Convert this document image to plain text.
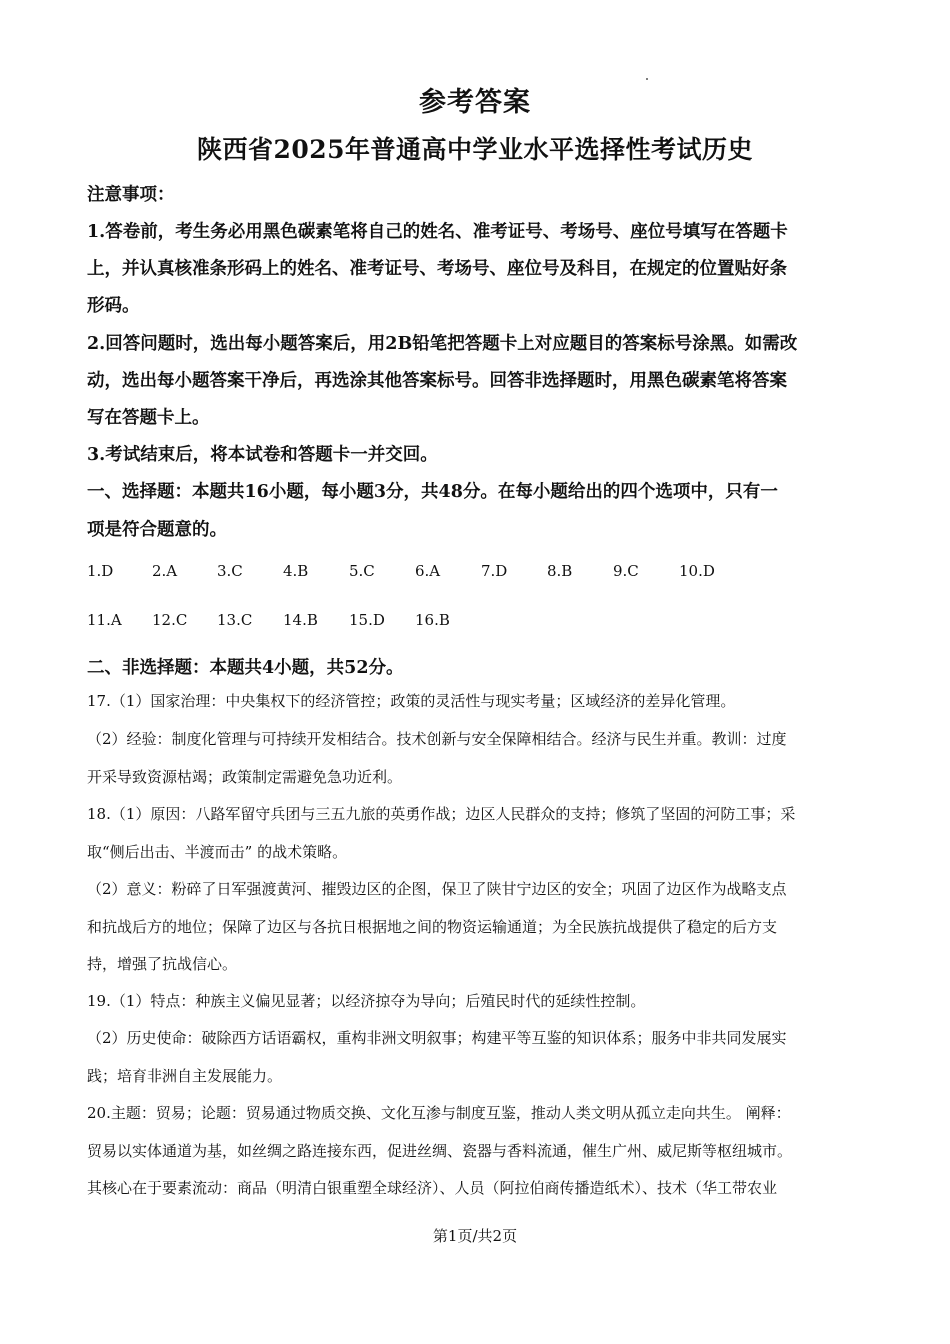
参考答案
陕西省2025年普通高中学业水平选择性考试历史
注意事项：
1.答卷前，考生务必用黑色碳素笔将自己的姓名、准考证号、考场号、座位号填写在答题卡
上，并认真核准条形码上的姓名、准考证号、考场号、座位号及科目，在规定的位置贴好条
形码。
2.回答问题时，选出每小题答案后，用2B铅笔把答题卡上对应题目的答案标号涂黑。如需改
动，选出每小题答案干净后，再选涂其他答案标号。回答非选择题时，用黑色碳素笔将答案
写在答题卡上。
3.考试结束后，将本试卷和答题卡一并交回。
一、选择题：本题共16小题，每小题3分，共48分。在每小题给出的四个选项中，只有一
项是符合题意的。
1.D	2.A	3.C	4.B	5.C	6.A	7.D	8.B	9.C	10.D
11.A 12.C 13.C 14.B 15.D 16.B
二、非选择题：本题共4小题，共52分。
17.（1）国家治理：中央集权下的经济管控；政策的灵活性与现实考量；区域经济的差异化管理。
（2）经验：制度化管理与可持续开发相结合。技术创新与安全保障相结合。经济与民生并重。教训：过度
开采导致资源枯竭；政策制定需避免急功近利。
18.（1）原因：八路军留守兵团与三五九旅的英勇作战；边区人民群众的支持；修筑了坚固的河防工事；采
取“侧后出击、半渡而击” 的战术策略。
（2）意义：粉碎了日军强渡黄河、摧毁边区的企图，保卫了陕甘宁边区的安全；巩固了边区作为战略支点
和抗战后方的地位；保障了边区与各抗日根据地之间的物资运输通道；为全民族抗战提供了稳定的后方支
持，增强了抗战信心。
19.（1）特点：种族主义偏见显著；以经济掠夺为导向；后殖民时代的延续性控制。
（2）历史使命：破除西方话语霸权，重构非洲文明叙事；构建平等互鉴的知识体系；服务中非共同发展实
践；培育非洲自主发展能力。
20.主题：贸易；论题：贸易通过物质交换、文化互渗与制度互鉴，推动人类文明从孤立走向共生。 阐释：
贸易以实体通道为基，如丝绸之路连接东西，促进丝绸、瓷器与香料流通，催生广州、威尼斯等枢纽城市。
其核心在于要素流动：商品（明清白银重塑全球经济）、人员（阿拉伯商传播造纸术）、技术（华工带农业
第1页/共2页
